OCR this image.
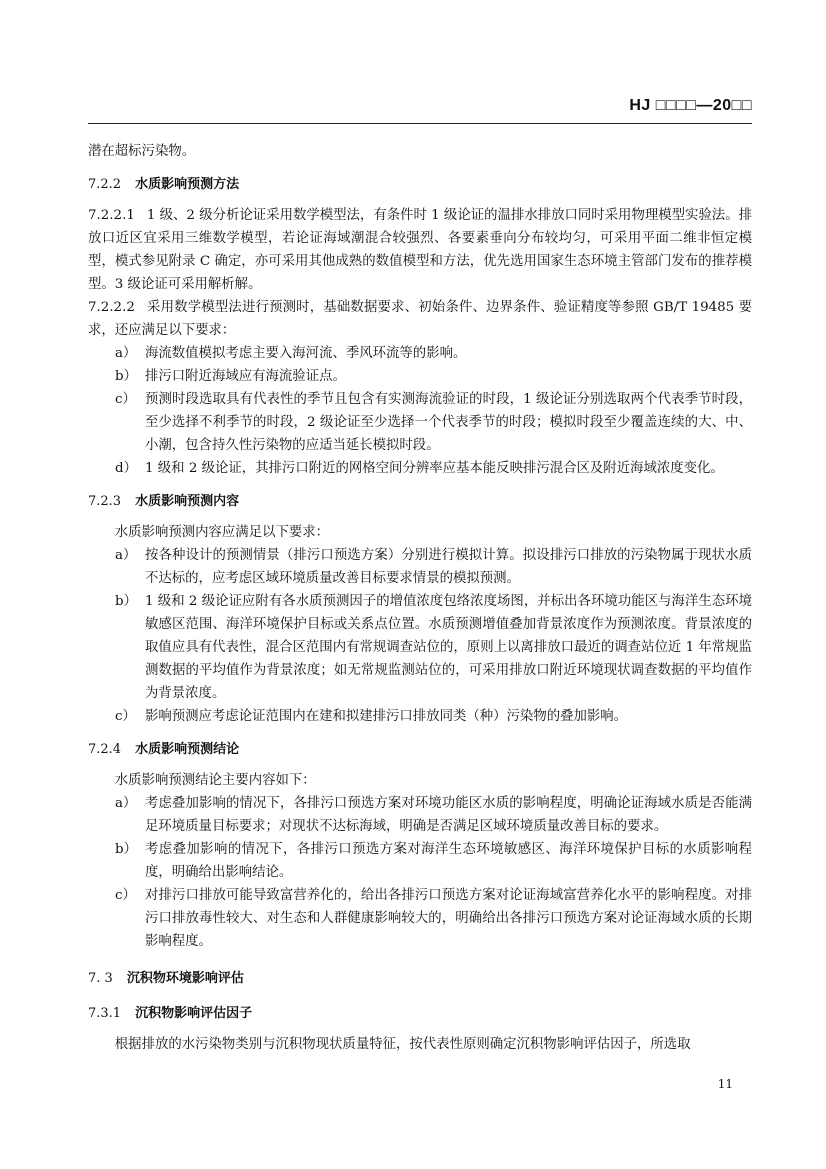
HJ □□□□—20□□

潜在超标污染物。

7.2.2 水质影响预测方法

7.2.2.1 1 级、2 级分析论证采用数学模型法，有条件时 1 级论证的温排水排放口同时采用物理模型实验法。排放口近区宜采用三维数学模型，若论证海域潮混合较强烈、各要素垂向分布较均匀，可采用平面二维非恒定模型，模式参见附录 C 确定，亦可采用其他成熟的数值模型和方法，优先选用国家生态环境主管部门发布的推荐模型。3 级论证可采用解析解。

7.2.2.2 采用数学模型法进行预测时，基础数据要求、初始条件、边界条件、验证精度等参照 GB/T 19485 要求，还应满足以下要求：

a） 海流数值模拟考虑主要入海河流、季风环流等的影响。
b） 排污口附近海域应有海流验证点。
c） 预测时段选取具有代表性的季节且包含有实测海流验证的时段，1 级论证分别选取两个代表季节时段，至少选择不利季节的时段，2 级论证至少选择一个代表季节的时段；模拟时段至少覆盖连续的大、中、小潮，包含持久性污染物的应适当延长模拟时段。
d） 1 级和 2 级论证，其排污口附近的网格空间分辨率应基本能反映排污混合区及附近海域浓度变化。
7.2.3 水质影响预测内容

水质影响预测内容应满足以下要求：

a） 按各种设计的预测情景（排污口预选方案）分别进行模拟计算。拟设排污口排放的污染物属于现状水质不达标的，应考虑区域环境质量改善目标要求情景的模拟预测。
b） 1 级和 2 级论证应附有各水质预测因子的增值浓度包络浓度场图，并标出各环境功能区与海洋生态环境敏感区范围、海洋环境保护目标或关系点位置。水质预测增值叠加背景浓度作为预测浓度。背景浓度的取值应具有代表性，混合区范围内有常规调查站位的，原则上以离排放口最近的调查站位近 1 年常规监测数据的平均值作为背景浓度；如无常规监测站位的，可采用排放口附近环境现状调查数据的平均值作为背景浓度。
c） 影响预测应考虑论证范围内在建和拟建排污口排放同类（种）污染物的叠加影响。
7.2.4 水质影响预测结论

水质影响预测结论主要内容如下：

a） 考虑叠加影响的情况下，各排污口预选方案对环境功能区水质的影响程度，明确论证海域水质是否能满足环境质量目标要求；对现状不达标海域，明确是否满足区域环境质量改善目标的要求。
b） 考虑叠加影响的情况下，各排污口预选方案对海洋生态环境敏感区、海洋环境保护目标的水质影响程度，明确给出影响结论。
c） 对排污口排放可能导致富营养化的，给出各排污口预选方案对论证海域富营养化水平的影响程度。对排污口排放毒性较大、对生态和人群健康影响较大的，明确给出各排污口预选方案对论证海域水质的长期影响程度。
7. 3 沉积物环境影响评估
7.3.1 沉积物影响评估因子

根据排放的水污染物类别与沉积物现状质量特征，按代表性原则确定沉积物影响评估因子，所选取

11
